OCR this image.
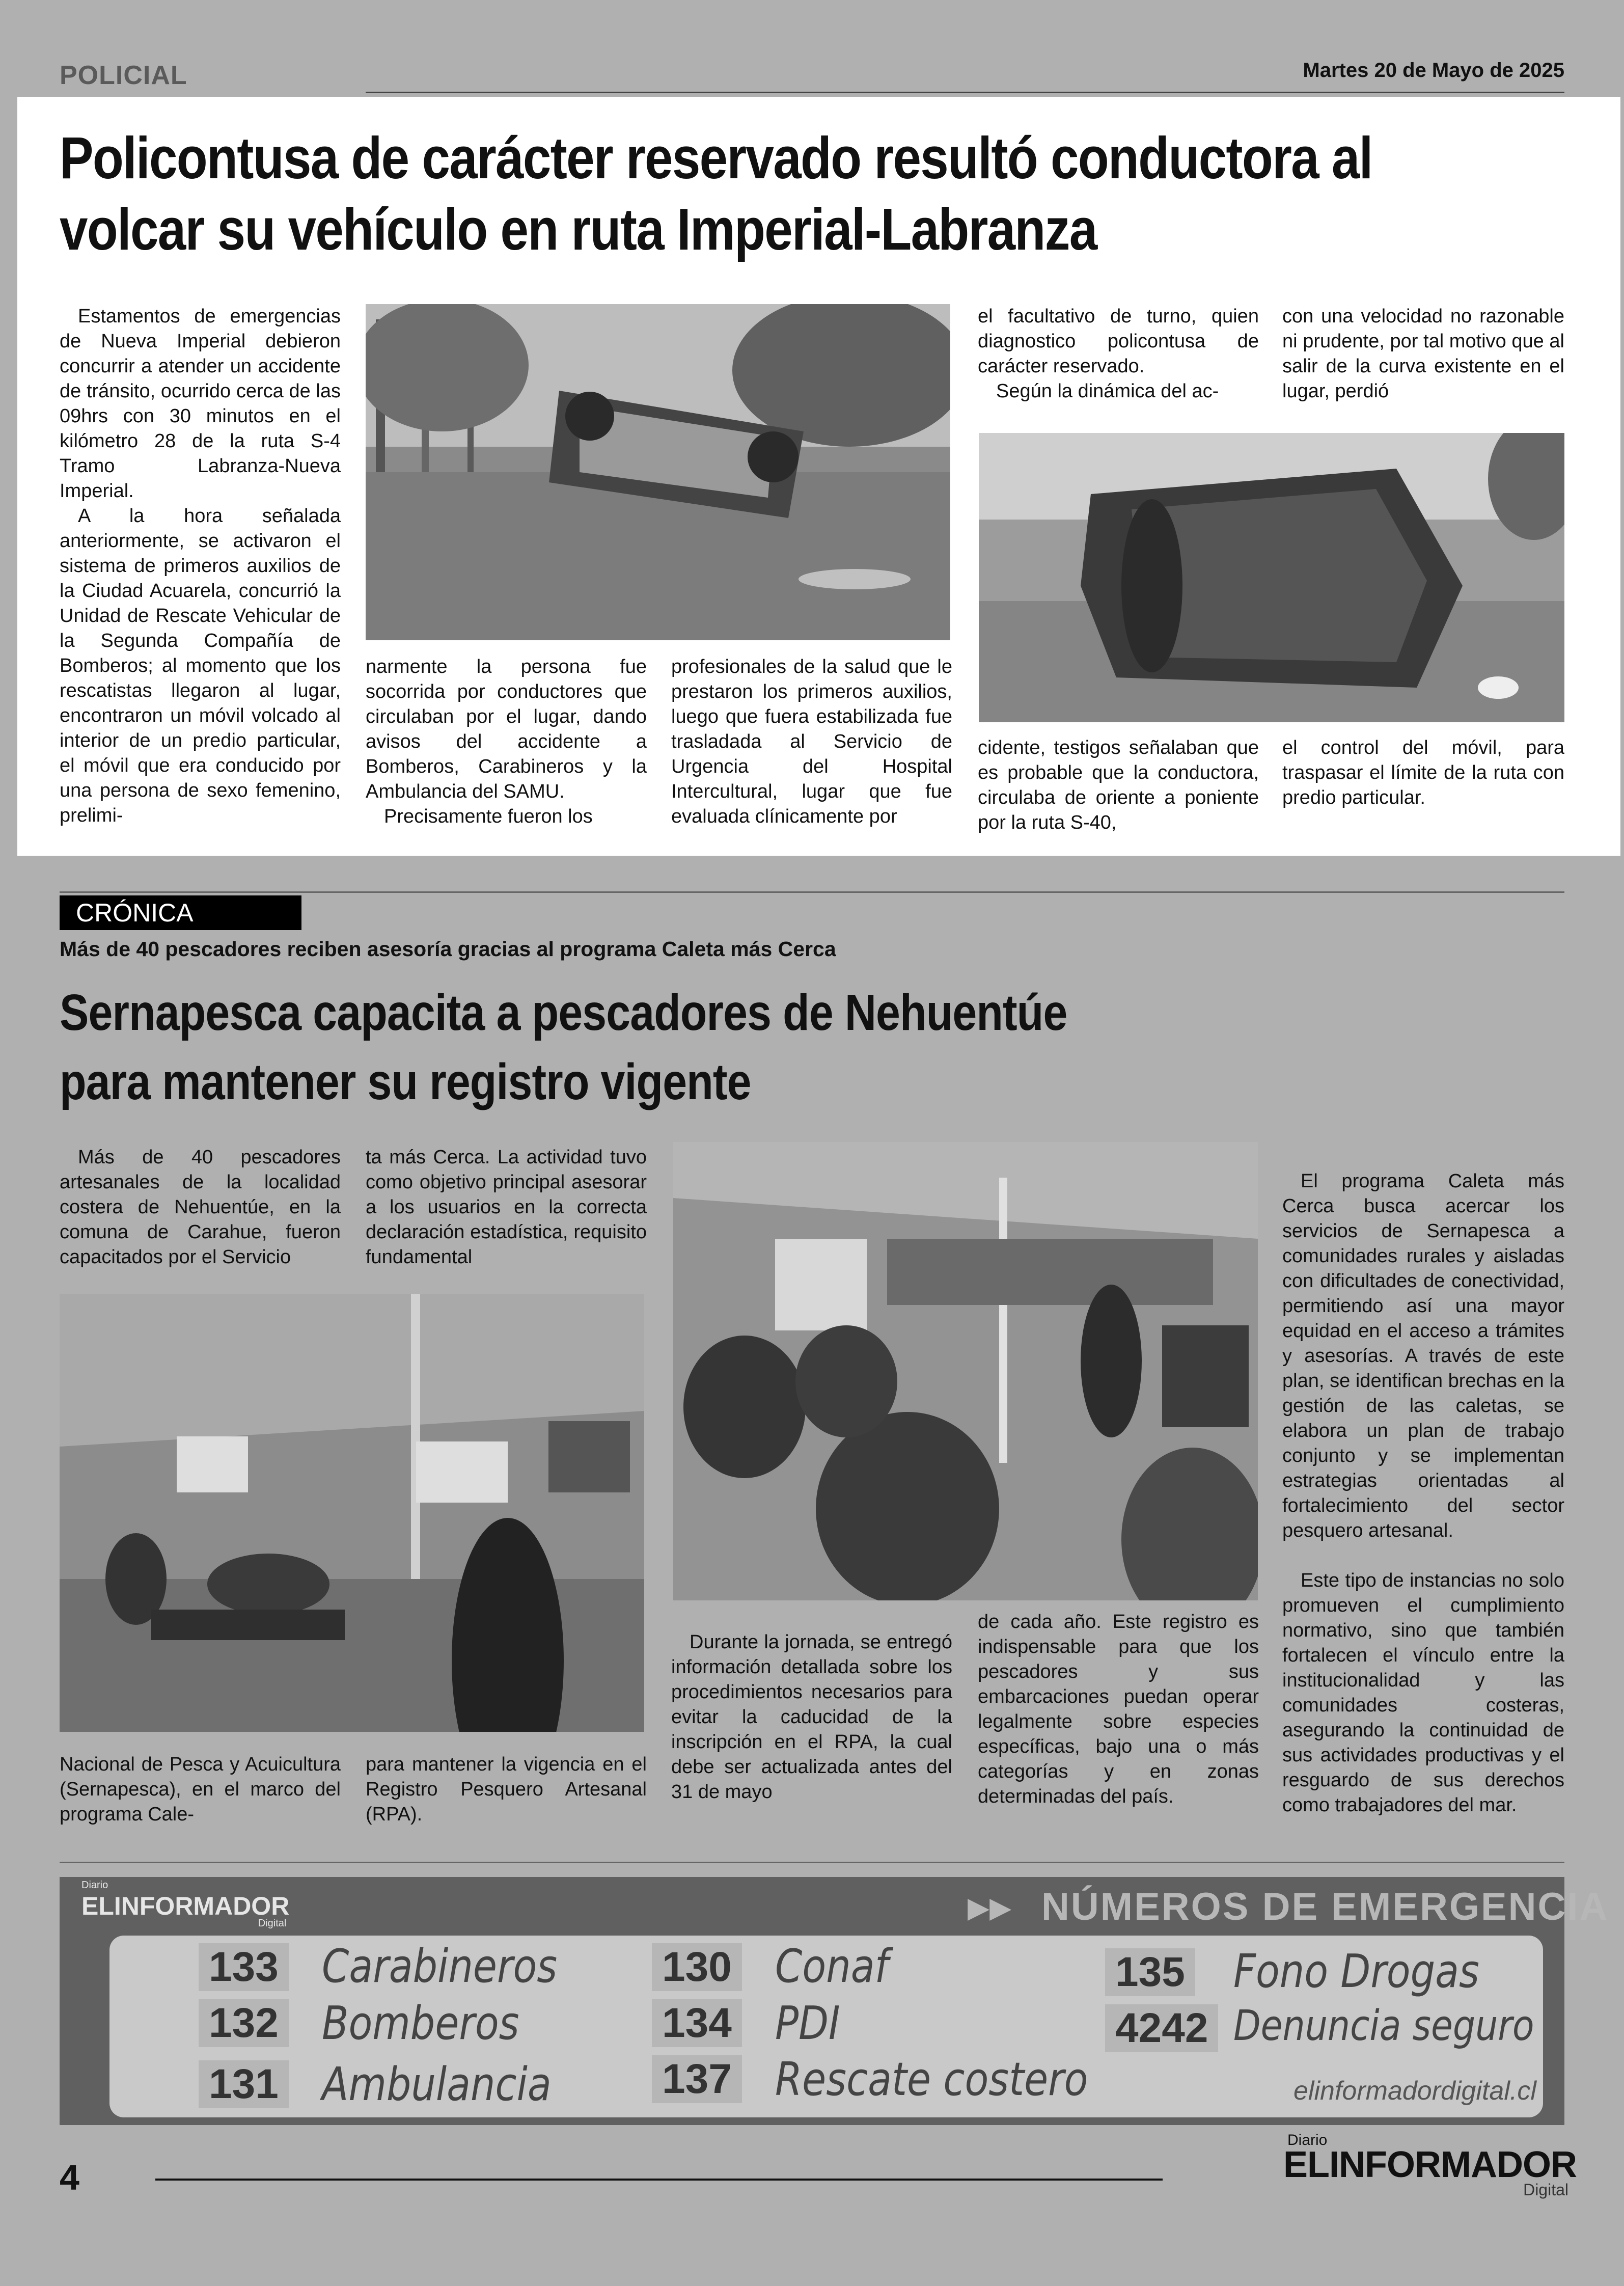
POLICIAL	Martes 20 de Mayo de 2025
Policontusa de carácter reservado resultó conductora al volcar su vehículo en ruta Imperial-Labranza

Estamentos de emergencias de Nueva Imperial debieron concurrir a atender un accidente de tránsito, ocurrido cerca de las 09hrs con 30 minutos en el kilómetro 28 de la ruta S-4 Tramo Labranza-Nueva Imperial.

A la hora señalada anteriormente, se activaron el sistema de primeros auxilios de la Ciudad Acuarela, concurrió la Unidad de Rescate Vehicular de la Segunda Compañía de Bomberos; al momento que los rescatistas llegaron al lugar, encontraron un móvil volcado al interior de un predio particular, el móvil que era conducido por una persona de sexo femenino, prelimi-

narmente la persona fue socorrida por conductores que circulaban por el lugar, dando avisos del accidente a Bomberos, Carabineros y la Ambulancia del SAMU.

Precisamente fueron los

profesionales de la salud que le prestaron los primeros auxilios, luego que fuera estabilizada fue trasladada al Servicio de Urgencia del Hospital Intercultural, lugar que fue evaluada clínicamente por

el facultativo de turno, quien diagnostico policontusa de carácter reservado.

Según la dinámica del ac-

con una velocidad no razonable ni prudente, por tal motivo que al salir de la curva existente en el lugar, perdió

cidente, testigos señalaban que es probable que la conductora, circulaba de oriente a poniente por la ruta S-40,

el control del móvil, para traspasar el límite de la ruta con predio particular.

CRÓNICA
Más de 40 pescadores reciben asesoría gracias al programa Caleta más Cerca
Sernapesca capacita a pescadores de Nehuentúe
para mantener su registro vigente

Más de 40 pescadores artesanales de la localidad costera de Nehuentúe, en la comuna de Carahue, fueron capacitados por el Servicio

ta más Cerca. La actividad tuvo como objetivo principal asesorar a los usuarios en la correcta declaración estadística, requisito fundamental

Nacional de Pesca y Acuicultura (Sernapesca), en el marco del programa Cale-

para mantener la vigencia en el Registro Pesquero Artesanal (RPA).

Durante la jornada, se entregó información detallada sobre los procedimientos necesarios para evitar la caducidad de la inscripción en el RPA, la cual debe ser actualizada antes del 31 de mayo

de cada año. Este registro es indispensable para que los pescadores y sus embarcaciones puedan operar legalmente sobre especies específicas, bajo una o más categorías y en zonas determinadas del país.

El programa Caleta más Cerca busca acercar los servicios de Sernapesca a comunidades rurales y aisladas con dificultades de conectividad, permitiendo así una mayor equidad en el acceso a trámites y asesorías. A través de este plan, se identifican brechas en la gestión de las caletas, se elabora un plan de trabajo conjunto y se implementan estrategias orientadas al fortalecimiento del sector pesquero artesanal.

Este tipo de instancias no solo promueven el cumplimiento normativo, sino que también fortalecen el vínculo entre la institucionalidad y las comunidades costeras, asegurando la continuidad de sus actividades productivas y el resguardo de sus derechos como trabajadores del mar.

Diario
ELINFORMADOR
Digital	▶▶ NÚMEROS DE EMERGENCIA
133 Carabineros
132 Bomberos
131 Ambulancia
130 Conaf
134 PDI
137 Rescate costero
135 Fono Drogas
4242 Denuncia seguro
elinformadordigital.cl
4
Diario
ELINFORMADOR
Digital
